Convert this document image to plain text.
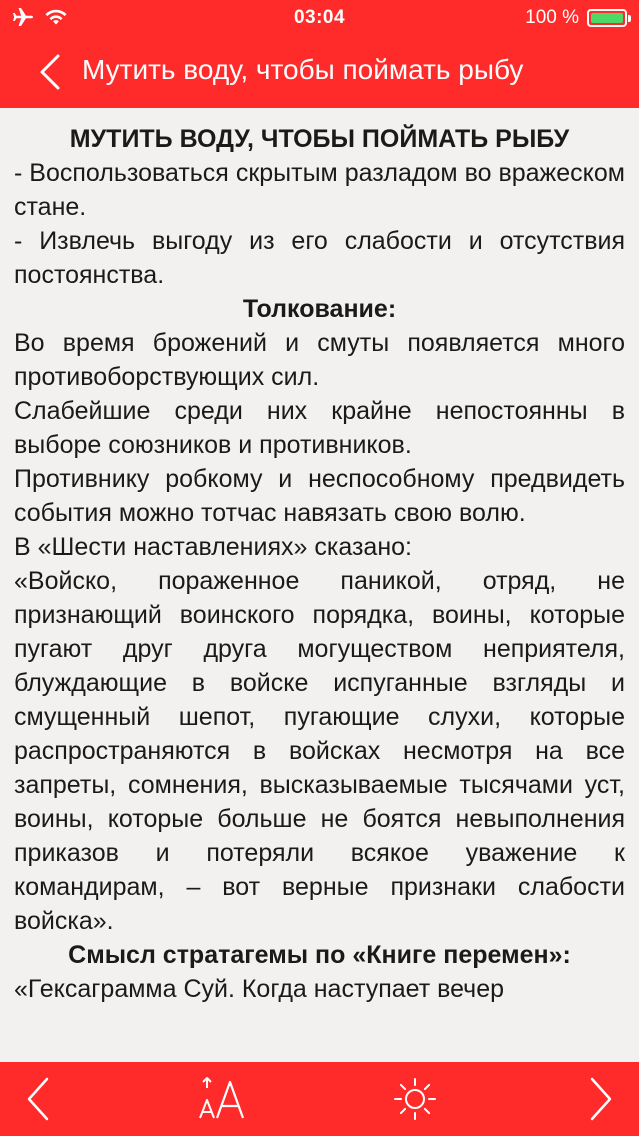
03:04	100 %
Мутить воду, чтобы поймать рыбу
МУТИТЬ ВОДУ, ЧТОБЫ ПОЙМАТЬ РЫБУ

- Воспользоваться скрытым разладом во вражеском стане.

- Извлечь выгоду из его слабости и отсутствия постоянства.

Толкование:

Во время брожений и смуты появляется много противоборствующих сил.

Слабейшие среди них крайне непостоянны в выборе союзников и противников.

Противнику робкому и неспособному предвидеть события можно тотчас навязать свою волю.

В «Шести наставлениях» сказано:

«Войско, пораженное паникой, отряд, не признающий воинского порядка, воины, которые пугают друг друга могуществом неприятеля, блуждающие в войске испуганные взгляды и смущенный шепот, пугающие слухи, которые распространяются в войсках несмотря на все запреты, сомнения, высказываемые тысячами уст, воины, которые больше не боятся невыполнения приказов и потеряли всякое уважение к командирам, – вот верные признаки слабости войска».

Смысл стратагемы по «Книге перемен»:

«Гексаграмма Суй. Когда наступает вечер
